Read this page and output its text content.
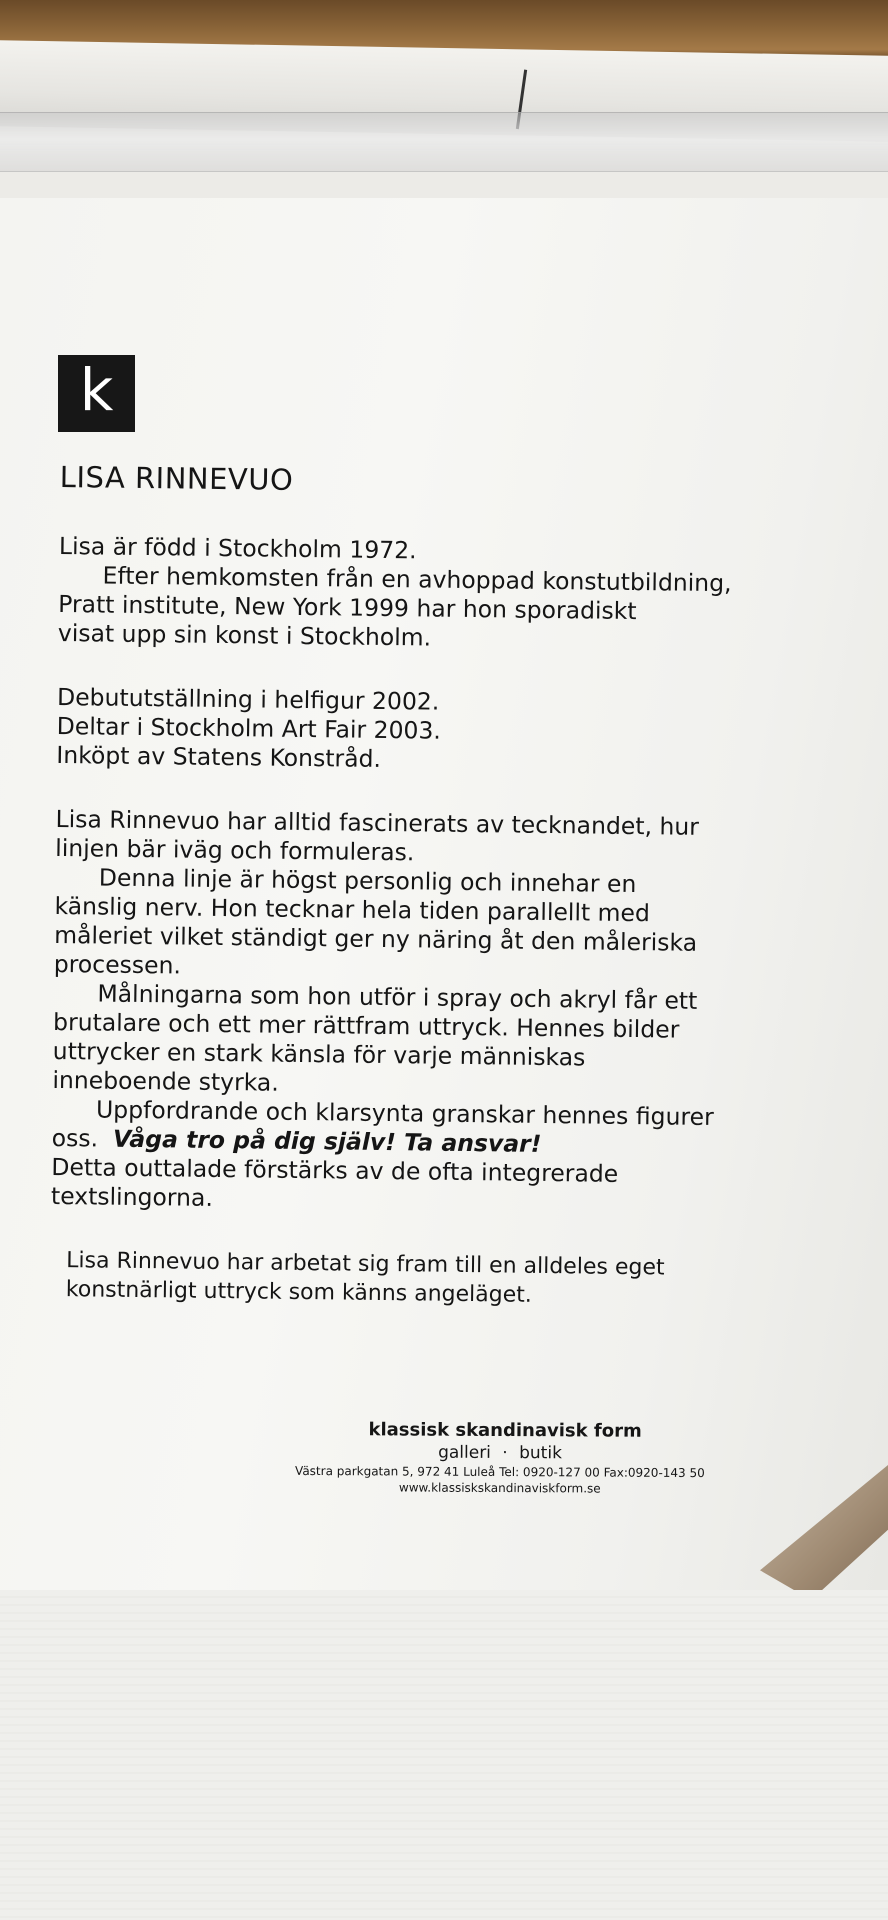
k
LISA RINNEVUO
Lisa är född i Stockholm 1972.
Efter hemkomsten från en avhoppad konstutbildning,
Pratt institute, New York 1999 har hon sporadiskt
visat upp sin konst i Stockholm.
Debututställning i helfigur 2002.
Deltar i Stockholm Art Fair 2003.
Inköpt av Statens Konstråd.
Lisa Rinnevuo har alltid fascinerats av tecknandet, hur
linjen bär iväg och formuleras.
Denna linje är högst personlig och innehar en
känslig nerv. Hon tecknar hela tiden parallellt med
måleriet vilket ständigt ger ny näring åt den måleriska
processen.
Målningarna som hon utför i spray och akryl får ett
brutalare och ett mer rättfram uttryck. Hennes bilder
uttrycker en stark känsla för varje människas
inneboende styrka.
Uppfordrande och klarsynta granskar hennes figurer
oss. Våga tro på dig själv! Ta ansvar!
Detta outtalade förstärks av de ofta integrerade
textslingorna.
Lisa Rinnevuo har arbetat sig fram till en alldeles eget
konstnärligt uttryck som känns angeläget.
klassisk skandinavisk form
galleri · butik
Västra parkgatan 5, 972 41 Luleå Tel: 0920-127 00 Fax:0920-143 50
www.klassiskskandinaviskform.se
